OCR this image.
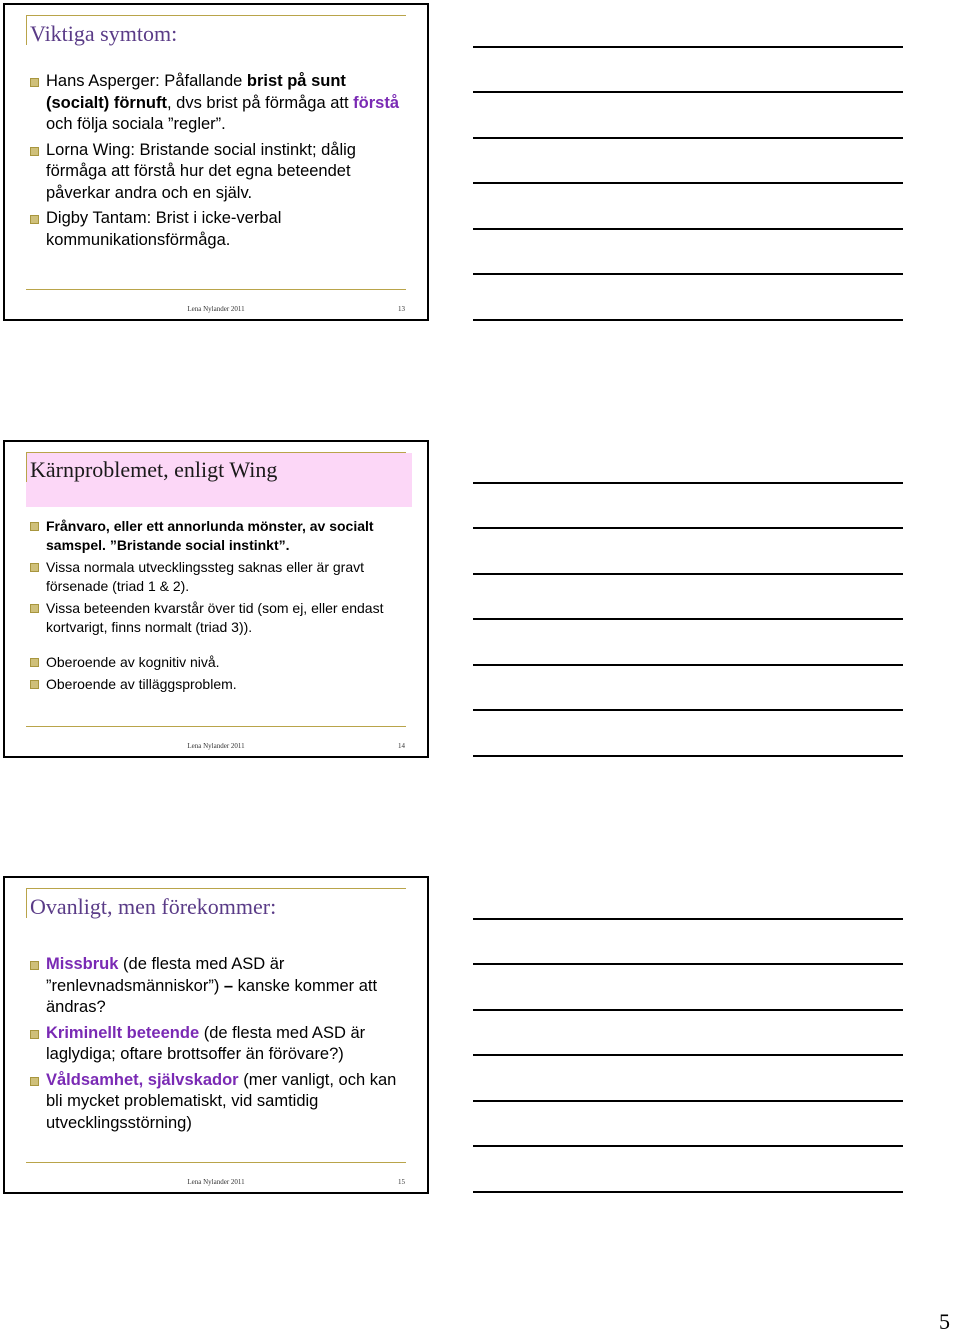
Viktiga symtom:
Hans Asperger: Påfallande brist på sunt (socialt) förnuft, dvs brist på förmåga att förstå och följa sociala ”regler”.
Lorna Wing: Bristande social instinkt; dålig förmåga att förstå hur det egna beteendet påverkar andra och en själv.
Digby Tantam: Brist i icke-verbal kommunikationsförmåga.
Lena Nylander 2011	13
Kärnproblemet, enligt Wing
Frånvaro, eller ett annorlunda mönster, av socialt samspel. ”Bristande social instinkt”.
Vissa normala utvecklingssteg saknas eller är gravt försenade (triad 1 & 2).
Vissa beteenden kvarstår över tid (som ej, eller endast kortvarigt, finns normalt (triad 3)).
Oberoende av kognitiv nivå.
Oberoende av tilläggsproblem.
Lena Nylander 2011	14
Ovanligt, men förekommer:
Missbruk (de flesta med ASD är ”renlevnadsmänniskor”) – kanske kommer att ändras?
Kriminellt beteende (de flesta med ASD är laglydiga; oftare brottsoffer än förövare?)
Våldsamhet, självskador (mer vanligt, och kan bli mycket problematiskt, vid samtidig utvecklingsstörning)
Lena Nylander 2011	15
5
